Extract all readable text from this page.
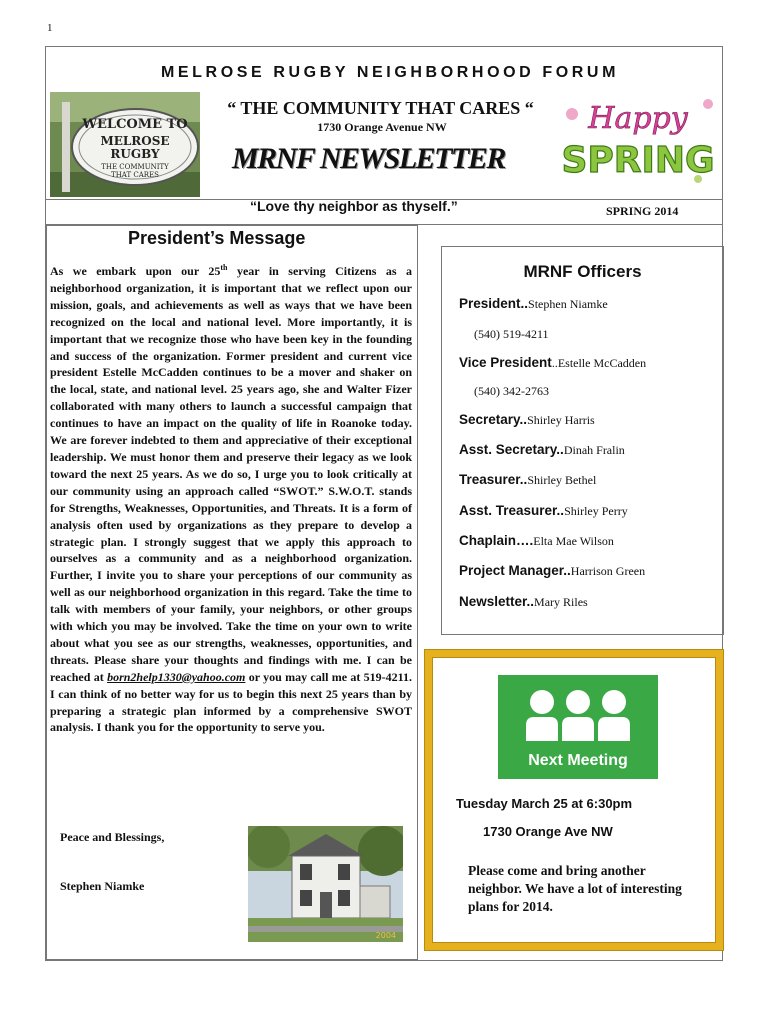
1
MELROSE RUGBY NEIGHBORHOOD FORUM
WELCOME TO
MELROSE
RUGBY
THE COMMUNITY
THAT CARES
“ THE COMMUNITY THAT CARES “
1730 Orange Avenue NW
MRNF NEWSLETTER
Happy
SPRING
“Love thy neighbor as thyself.”	SPRING 2014
President’s Message
As we embark upon our 25th year in serving Citizens as a neighborhood organization, it is important that we reflect upon our mission, goals, and achievements as well as ways that we have been recognized on the local and national level. More importantly, it is important that we recognize those who have been key in the founding and success of the organization. Former president and current vice president Estelle McCadden continues to be a mover and shaker on the local, state, and national level. 25 years ago, she and Walter Fizer collaborated with many others to launch a successful campaign that continues to have an impact on the quality of life in Roanoke today. We are forever indebted to them and appreciative of their exceptional leadership. We must honor them and preserve their legacy as we look toward the next 25 years. As we do so, I urge you to look critically at our community using an approach called “SWOT.” S.W.O.T. stands for Strengths, Weaknesses, Opportunities, and Threats. It is a form of analysis often used by organizations as they prepare to develop a strategic plan. I strongly suggest that we apply this approach to ourselves as a community and as a neighborhood organization. Further, I invite you to share your perceptions of our community as well as our neighborhood organization in this regard. Take the time to talk with members of your family, your neighbors, or other groups with which you may be involved. Take the time on your own to write about what you see as our strengths, weaknesses, opportunities, and threats. Please share your thoughts and findings with me. I can be reached at born2help1330@yahoo.com or you may call me at 519-4211. I can think of no better way for us to begin this next 25 years than by preparing a strategic plan informed by a comprehensive SWOT analysis. I thank you for the opportunity to serve you.
Peace and Blessings,
Stephen Niamke
2004
MRNF Officers
President..Stephen Niamke
(540) 519-4211
Vice President..Estelle McCadden
(540) 342-2763
Secretary..Shirley Harris
Asst. Secretary..Dinah Fralin
Treasurer..Shirley Bethel
Asst. Treasurer..Shirley Perry
Chaplain….Elta Mae Wilson
Project Manager..Harrison Green
Newsletter..Mary Riles
Next Meeting
Tuesday March 25 at 6:30pm
1730 Orange Ave NW
Please come and bring another neighbor. We have a lot of interesting plans for 2014.
